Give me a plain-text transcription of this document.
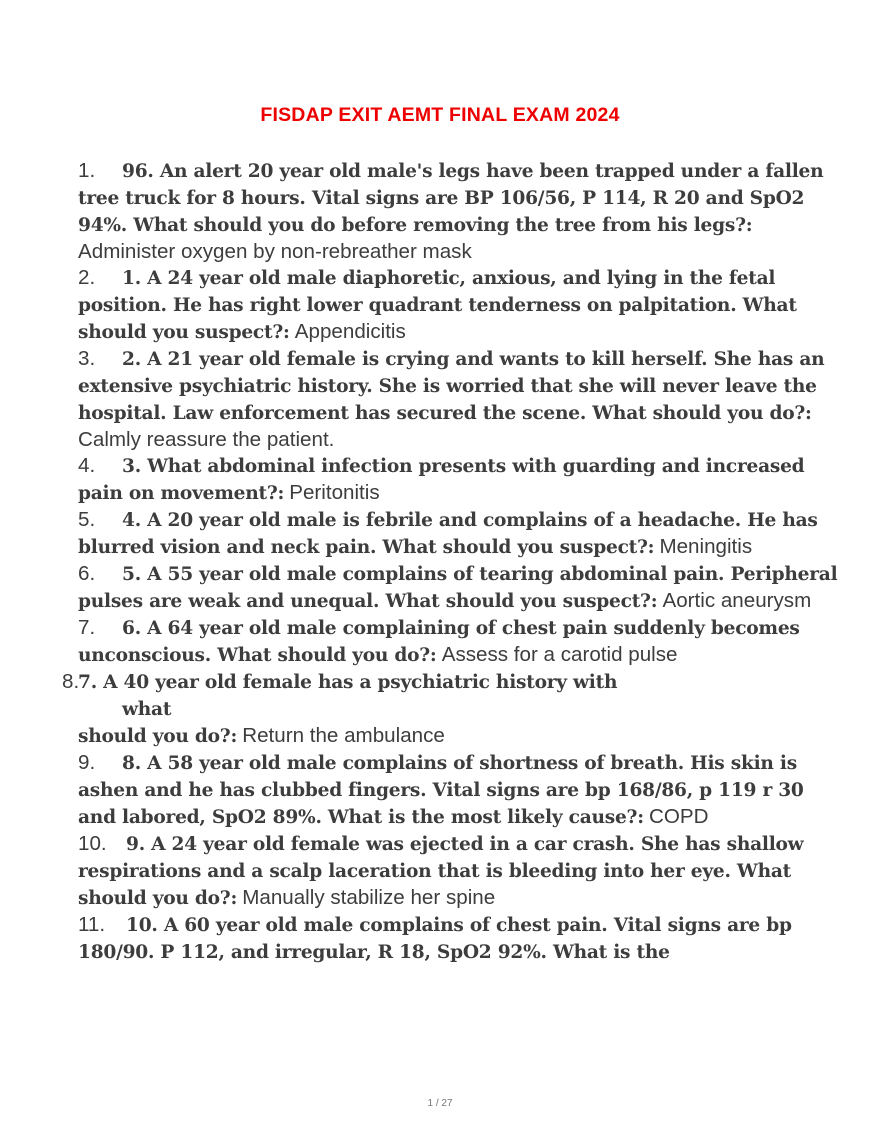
FISDAP EXIT AEMT FINAL EXAM 2024
1. 96. An alert 20 year old male's legs have been trapped under a fallen tree truck for 8 hours. Vital signs are BP 106/56, P 114, R 20 and SpO2 94%. What should you do before removing the tree from his legs?: Administer oxygen by non-rebreather mask
2. 1. A 24 year old male diaphoretic, anxious, and lying in the fetal position. He has right lower quadrant tenderness on palpitation. What should you suspect?: Appendicitis
3. 2. A 21 year old female is crying and wants to kill herself. She has an extensive psychiatric history. She is worried that she will never leave the hospital. Law enforcement has secured the scene. What should you do?: Calmly reassure the patient.
4. 3. What abdominal infection presents with guarding and increased pain on movement?: Peritonitis
5. 4. A 20 year old male is febrile and complains of a headache. He has blurred vision and neck pain. What should you suspect?: Meningitis
6. 5. A 55 year old male complains of tearing abdominal pain. Peripheral pulses are weak and unequal. What should you suspect?: Aortic aneurysm
7. 6. A 64 year old male complaining of chest pain suddenly becomes unconscious. What should you do?: Assess for a carotid pulse
8.
7. A 40 year old female has a psychiatric history with
what
should you do?: Return the ambulance
9. 8. A 58 year old male complains of shortness of breath. His skin is ashen and he has clubbed fingers. Vital signs are bp 168/86, p 119 r 30 and labored, SpO2 89%. What is the most likely cause?: COPD
10. 9. A 24 year old female was ejected in a car crash. She has shallow respirations and a scalp laceration that is bleeding into her eye. What should you do?: Manually stabilize her spine
11. 10. A 60 year old male complains of chest pain. Vital signs are bp 180/90. P 112, and irregular, R 18, SpO2 92%. What is the
1 / 27
